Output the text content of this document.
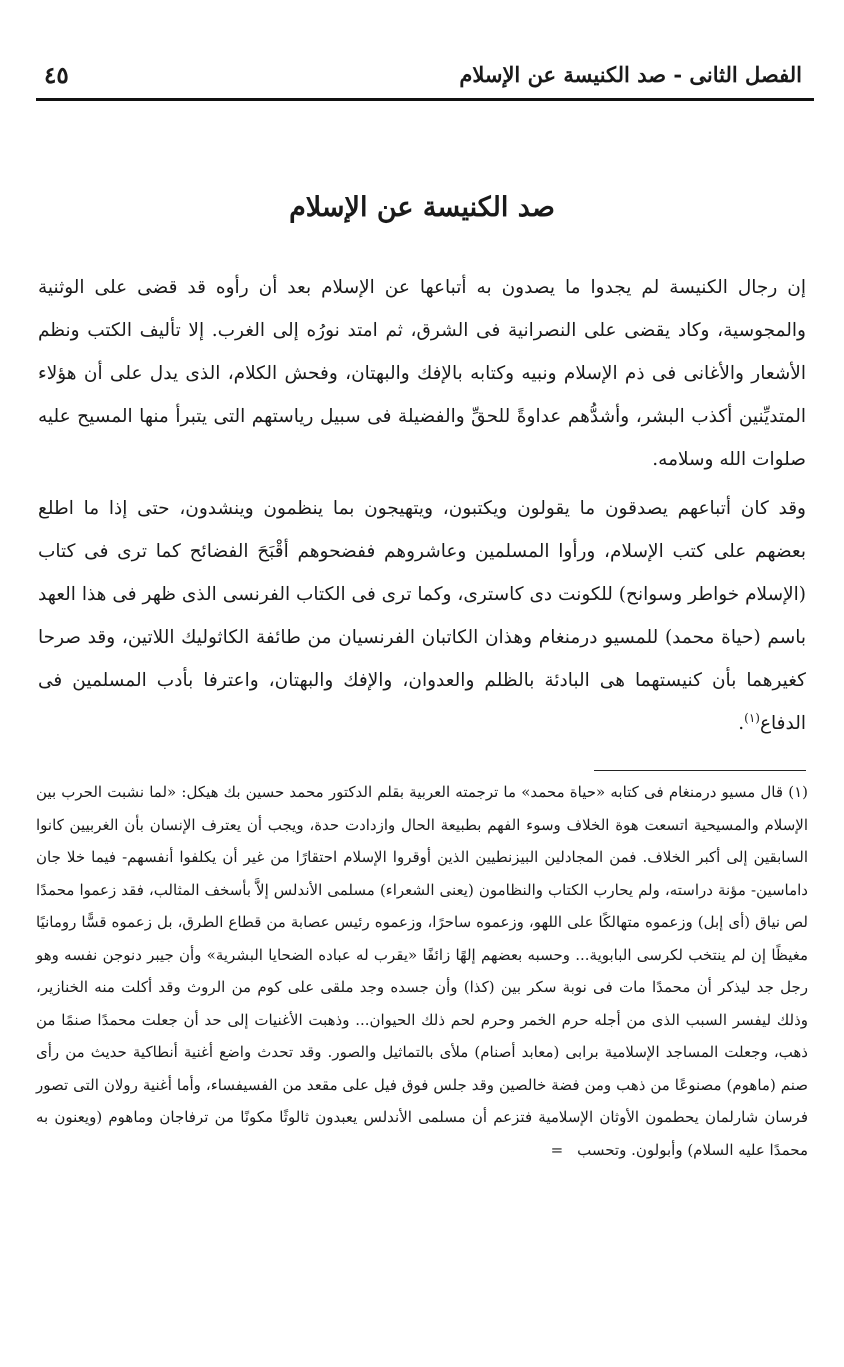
الفصل الثانى - صد الكنيسة عن الإسلام
٤٥
صد الكنيسة عن الإسلام

إن رجال الكنيسة لم يجدوا ما يصدون به أتباعها عن الإسلام بعد أن رأوه قد قضى على الوثنية والمجوسية، وكاد يقضى على النصرانية فى الشرق، ثم امتد نورُه إلى الغرب. إلا تأليف الكتب ونظم الأشعار والأغانى فى ذم الإسلام ونبيه وكتابه بالإفك والبهتان، وفحش الكلام، الذى يدل على أن هؤلاء المتديِّنين أكذب البشر، وأشدُّهم عداوةً للحقِّ والفضيلة فى سبيل رياستهم التى يتبرأ منها المسيح عليه صلوات الله وسلامه.

وقد كان أتباعهم يصدقون ما يقولون ويكتبون، ويتهيجون بما ينظمون وينشدون، حتى إذا ما اطلع بعضهم على كتب الإسلام، ورأوا المسلمين وعاشروهم ففضحوهم أقْبَحَ الفضائح كما ترى فى كتاب (الإسلام خواطر وسوانح) للكونت دى كاسترى، وكما ترى فى الكتاب الفرنسى الذى ظهر فى هذا العهد باسم (حياة محمد) للمسيو درمنغام وهذان الكاتبان الفرنسيان من طائفة الكاثوليك اللاتين، وقد صرحا كغيرهما بأن كنيستهما هى البادئة بالظلم والعدوان، والإفك والبهتان، واعترفا بأدب المسلمين فى الدفاع$^{(١)}$.

(١) قال مسيو درمنغام فى كتابه «حياة محمد» ما ترجمته العربية بقلم الدكتور محمد حسين بك هيكل: «لما نشبت الحرب بين الإسلام والمسيحية اتسعت هوة الخلاف وسوء الفهم بطبيعة الحال وازدادت حدة، ويجب أن يعترف الإنسان بأن الغربيين كانوا السابقين إلى أكبر الخلاف. فمن المجادلين البيزنطيين الذين أوقروا الإسلام احتقارًا من غير أن يكلفوا أنفسهم- فيما خلا جان داماسين- مؤنة دراسته، ولم يحارب الكتاب والنظامون (يعنى الشعراء) مسلمى الأندلس إلاَّ بأسخف المثالب، فقد زعموا محمدًا لص نياق (أى إبل) وزعموه متهالكًا على اللهو، وزعموه ساحرًا، وزعموه رئيس عصابة من قطاع الطرق، بل زعموه قسًّا رومانيًا مغيظًا إن لم ينتخب لكرسى البابوية... وحسبه بعضهم إلهًا زائفًا «يقرب له عباده الضحايا البشرية» وأن جيبر دنوجن نفسه وهو رجل جد ليذكر أن محمدًا مات فى نوبة سكر بين (كذا) وأن جسده وجد ملقى على كوم من الروث وقد أكلت منه الخنازير، وذلك ليفسر السبب الذى من أجله حرم الخمر وحرم لحم ذلك الحيوان... وذهبت الأغنيات إلى حد أن جعلت محمدًا صنمًا من ذهب، وجعلت المساجد الإسلامية برابى (معابد أصنام) ملأى بالتماثيل والصور. وقد تحدث واضع أغنية أنطاكية حديث من رأى صنم (ماهوم) مصنوعًا من ذهب ومن فضة خالصين وقد جلس فوق فيل على مقعد من الفسيفساء، وأما أغنية رولان التى تصور فرسان شارلمان يحطمون الأوثان الإسلامية فتزعم أن مسلمى الأندلس يعبدون ثالوثًا مكونًا من ترفاجان وماهوم (ويعنون به محمدًا عليه السلام) وأبولون. وتحسب=
